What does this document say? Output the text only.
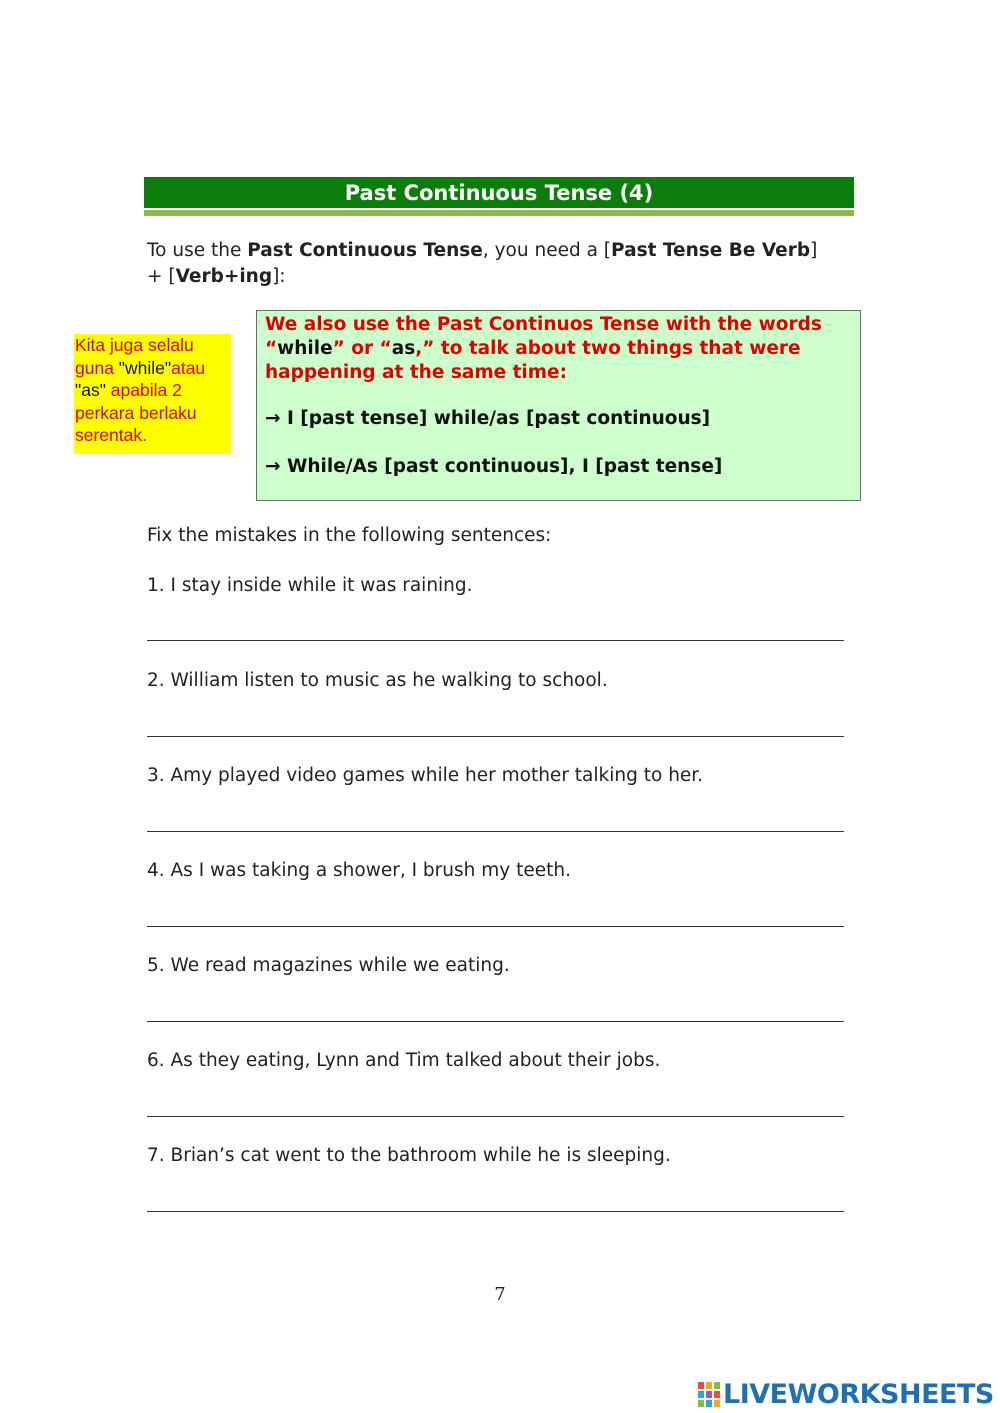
Past Continuous Tense (4)
To use the Past Continuous Tense, you need a [Past Tense Be Verb] + [Verb+ing]:
Kita juga selalu guna "while"atau "as" apabila 2 perkara berlaku serentak.
We also use the Past Continuos Tense with the words “while” or “as,” to talk about two things that were happening at the same time:
→ I [past tense] while/as [past continuous]
→ While/As [past continuous], I [past tense]
Fix the mistakes in the following sentences:
1. I stay inside while it was raining.
2. William listen to music as he walking to school.
3. Amy played video games while her mother talking to her.
4. As I was taking a shower, I brush my teeth.
5. We read magazines while we eating.
6. As they eating, Lynn and Tim talked about their jobs.
7. Brian’s cat went to the bathroom while he is sleeping.
7
LIVEWORKSHEETS
